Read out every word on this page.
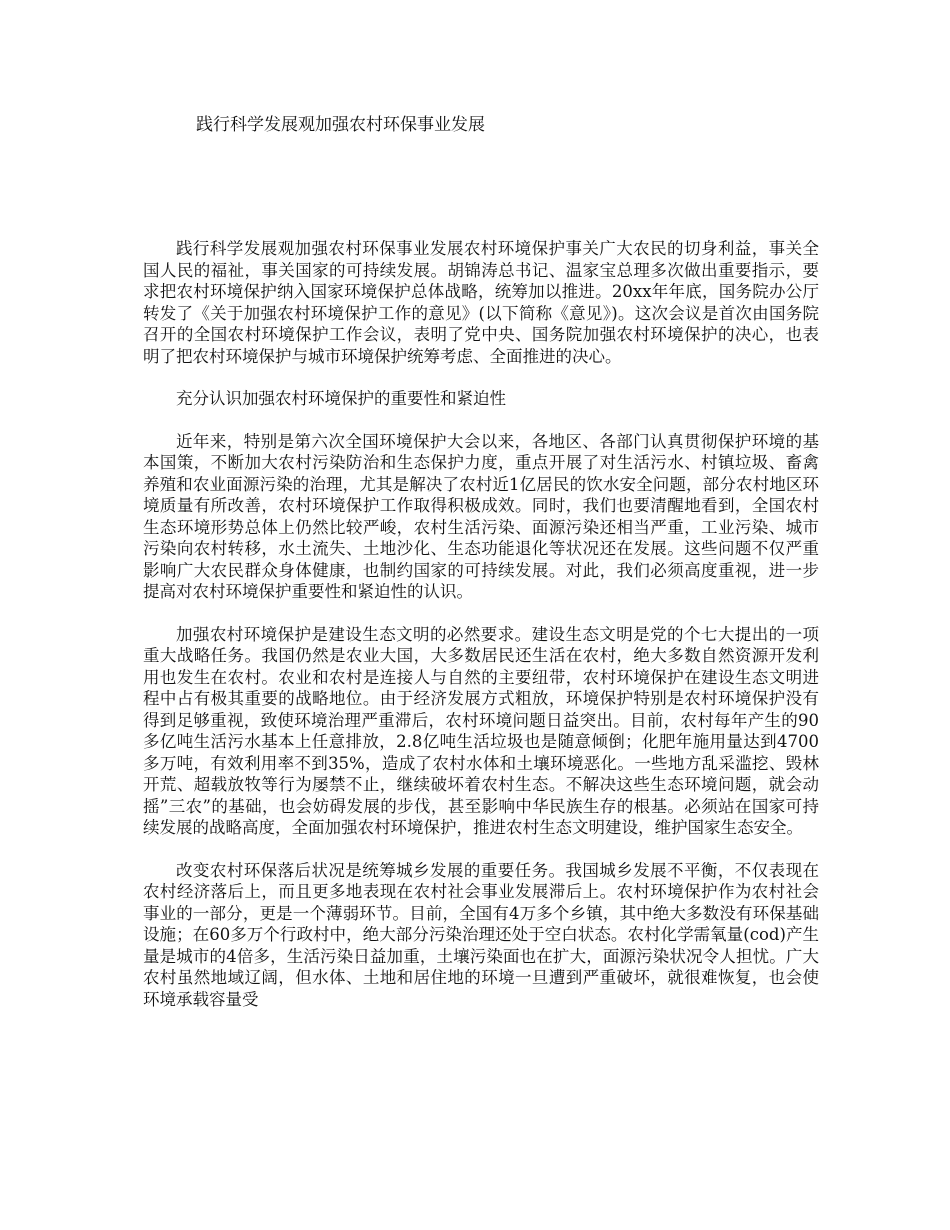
践行科学发展观加强农村环保事业发展

践行科学发展观加强农村环保事业发展农村环境保护事关广大农民的切身利益，事关全国人民的福祉，事关国家的可持续发展。胡锦涛总书记、温家宝总理多次做出重要指示，要求把农村环境保护纳入国家环境保护总体战略，统筹加以推进。20xx年年底，国务院办公厅转发了《关于加强农村环境保护工作的意见》(以下简称《意见》)。这次会议是首次由国务院召开的全国农村环境保护工作会议，表明了党中央、国务院加强农村环境保护的决心，也表明了把农村环境保护与城市环境保护统筹考虑、全面推进的决心。

充分认识加强农村环境保护的重要性和紧迫性

近年来，特别是第六次全国环境保护大会以来，各地区、各部门认真贯彻保护环境的基本国策，不断加大农村污染防治和生态保护力度，重点开展了对生活污水、村镇垃圾、畜禽养殖和农业面源污染的治理，尤其是解决了农村近1亿居民的饮水安全问题，部分农村地区环境质量有所改善，农村环境保护工作取得积极成效。同时，我们也要清醒地看到，全国农村生态环境形势总体上仍然比较严峻，农村生活污染、面源污染还相当严重，工业污染、城市污染向农村转移，水土流失、土地沙化、生态功能退化等状况还在发展。这些问题不仅严重影响广大农民群众身体健康，也制约国家的可持续发展。对此，我们必须高度重视，进一步提高对农村环境保护重要性和紧迫性的认识。

加强农村环境保护是建设生态文明的必然要求。建设生态文明是党的个七大提出的一项重大战略任务。我国仍然是农业大国，大多数居民还生活在农村，绝大多数自然资源开发利用也发生在农村。农业和农村是连接人与自然的主要纽带，农村环境保护在建设生态文明进程中占有极其重要的战略地位。由于经济发展方式粗放，环境保护特别是农村环境保护没有得到足够重视，致使环境治理严重滞后，农村环境问题日益突出。目前，农村每年产生的90多亿吨生活污水基本上任意排放，2.8亿吨生活垃圾也是随意倾倒；化肥年施用量达到4700多万吨，有效利用率不到35%，造成了农村水体和土壤环境恶化。一些地方乱采滥挖、毁林开荒、超载放牧等行为屡禁不止，继续破坏着农村生态。不解决这些生态环境问题，就会动摇”三农”的基础，也会妨碍发展的步伐，甚至影响中华民族生存的根基。必须站在国家可持续发展的战略高度，全面加强农村环境保护，推进农村生态文明建设，维护国家生态安全。

改变农村环保落后状况是统筹城乡发展的重要任务。我国城乡发展不平衡，不仅表现在农村经济落后上，而且更多地表现在农村社会事业发展滞后上。农村环境保护作为农村社会事业的一部分，更是一个薄弱环节。目前，全国有4万多个乡镇，其中绝大多数没有环保基础设施；在60多万个行政村中，绝大部分污染治理还处于空白状态。农村化学需氧量(cod)产生量是城市的4倍多，生活污染日益加重，土壤污染面也在扩大，面源污染状况令人担忧。广大农村虽然地域辽阔，但水体、土地和居住地的环境一旦遭到严重破坏，就很难恢复，也会使环境承载容量受
